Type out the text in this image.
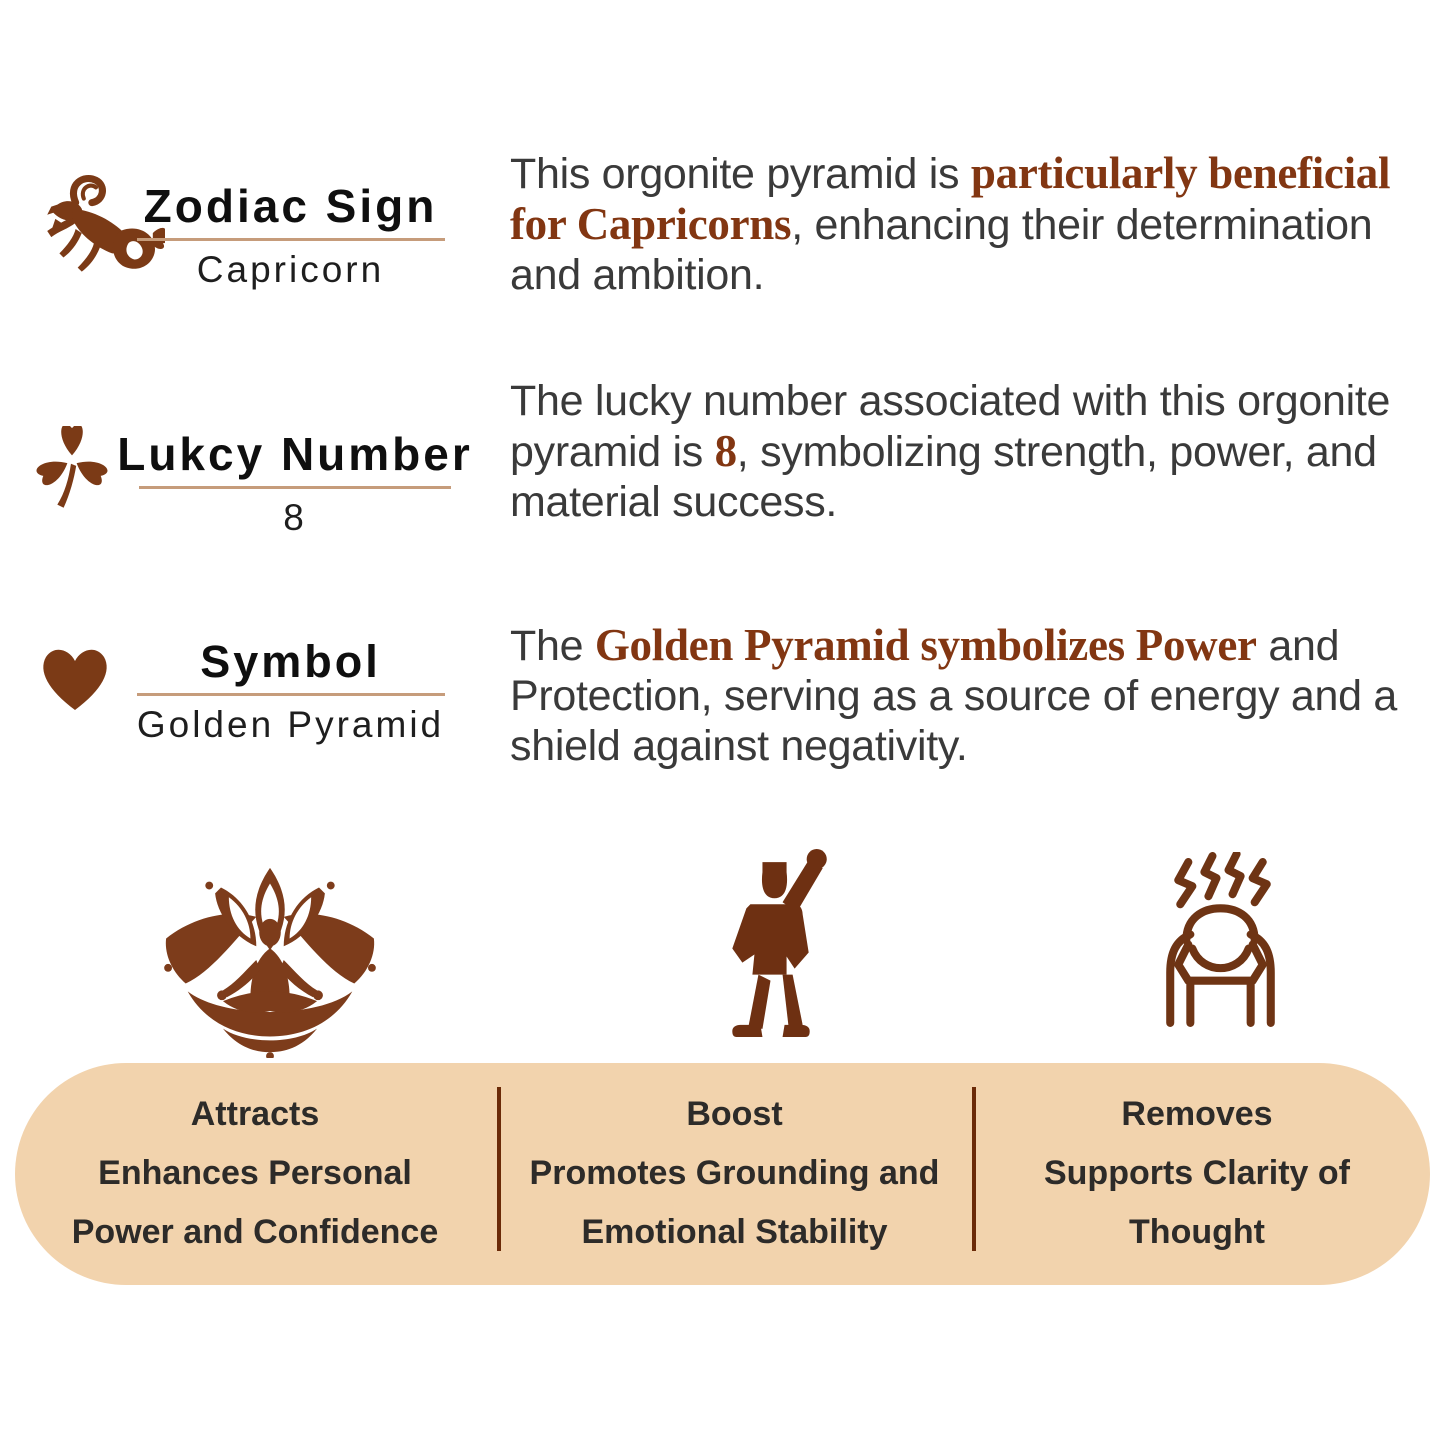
Zodiac Sign
Capricorn
Lukcy Number
8
Symbol
Golden Pyramid

This orgonite pyramid is particularly beneficial for Capricorns, enhancing their determination and ambition.

The lucky number associated with this orgonite pyramid is 8, symbolizing strength, power, and material success.

The Golden Pyramid symbolizes Power and Protection, serving as a source of energy and a shield against negativity.

Attracts
Enhances Personal
Power and Confidence
Boost
Promotes Grounding and
Emotional Stability
Removes
Supports Clarity of
Thought
